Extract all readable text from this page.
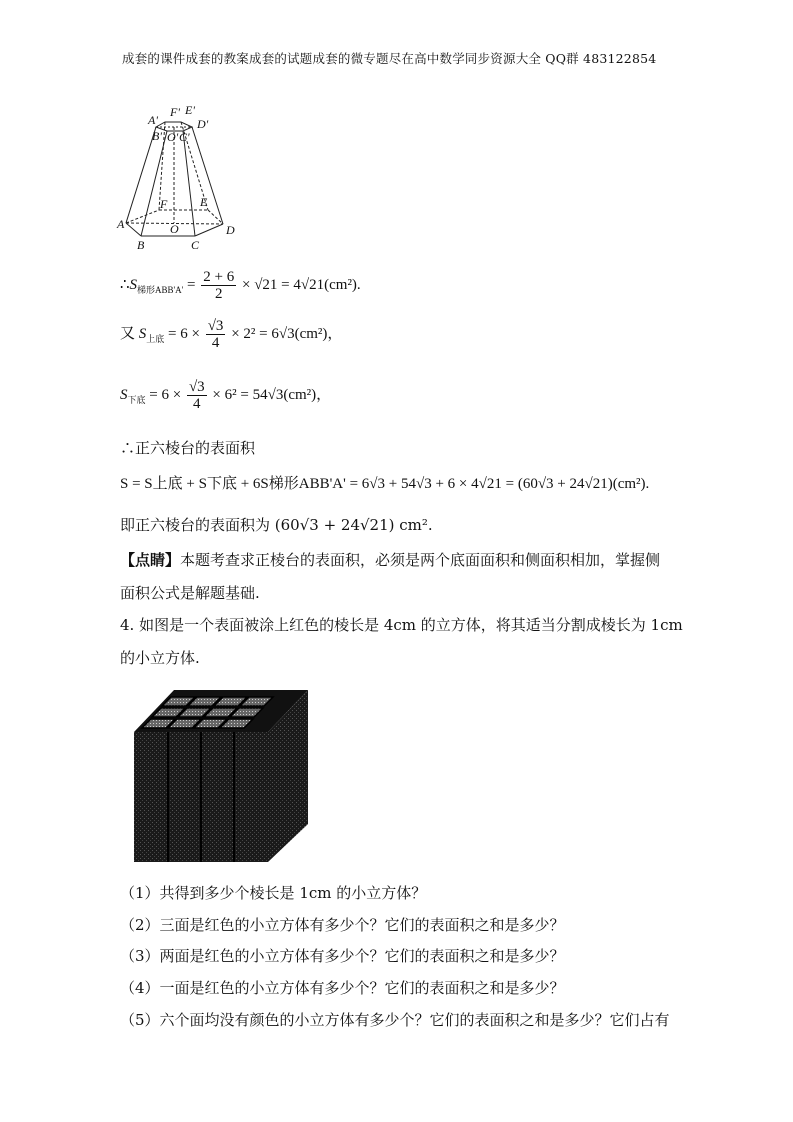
成套的课件成套的教案成套的试题成套的微专题尽在高中数学同步资源大全 QQ群 483122854
A'
F' E'
D'
B' O' C'
F	E
A	O	D
B	C
$\therefore S_{梯形ABB'A'} = \frac{2 + 6}{2} \times √21 = 4√21(cm^2)$.
又 $S_{上底} = 6 \times \frac{√3}{4} \times 2^2 = 6√3(cm^2)$，
$S_{下底} = 6 \times \frac{√3}{4} \times 6^2 = 54√3(cm^2)$，
∴正六棱台的表面积
S = S上底 + S下底 + 6S梯形ABB'A' = 6√3 + 54√3 + 6 × 4√21 = (60√3 + 24√21)(cm²).
即正六棱台的表面积为 (60√3 + 24√21) cm².
【点睛】本题考查求正棱台的表面积，必须是两个底面面积和侧面积相加，掌握侧
面积公式是解题基础.
4. 如图是一个表面被涂上红色的棱长是 4cm 的立方体，将其适当分割成棱长为 1cm
的小立方体.
（1）共得到多少个棱长是 1cm 的小立方体？
（2）三面是红色的小立方体有多少个？它们的表面积之和是多少？
（3）两面是红色的小立方体有多少个？它们的表面积之和是多少？
（4）一面是红色的小立方体有多少个？它们的表面积之和是多少？
（5）六个面均没有颜色的小立方体有多少个？它们的表面积之和是多少？它们占有
